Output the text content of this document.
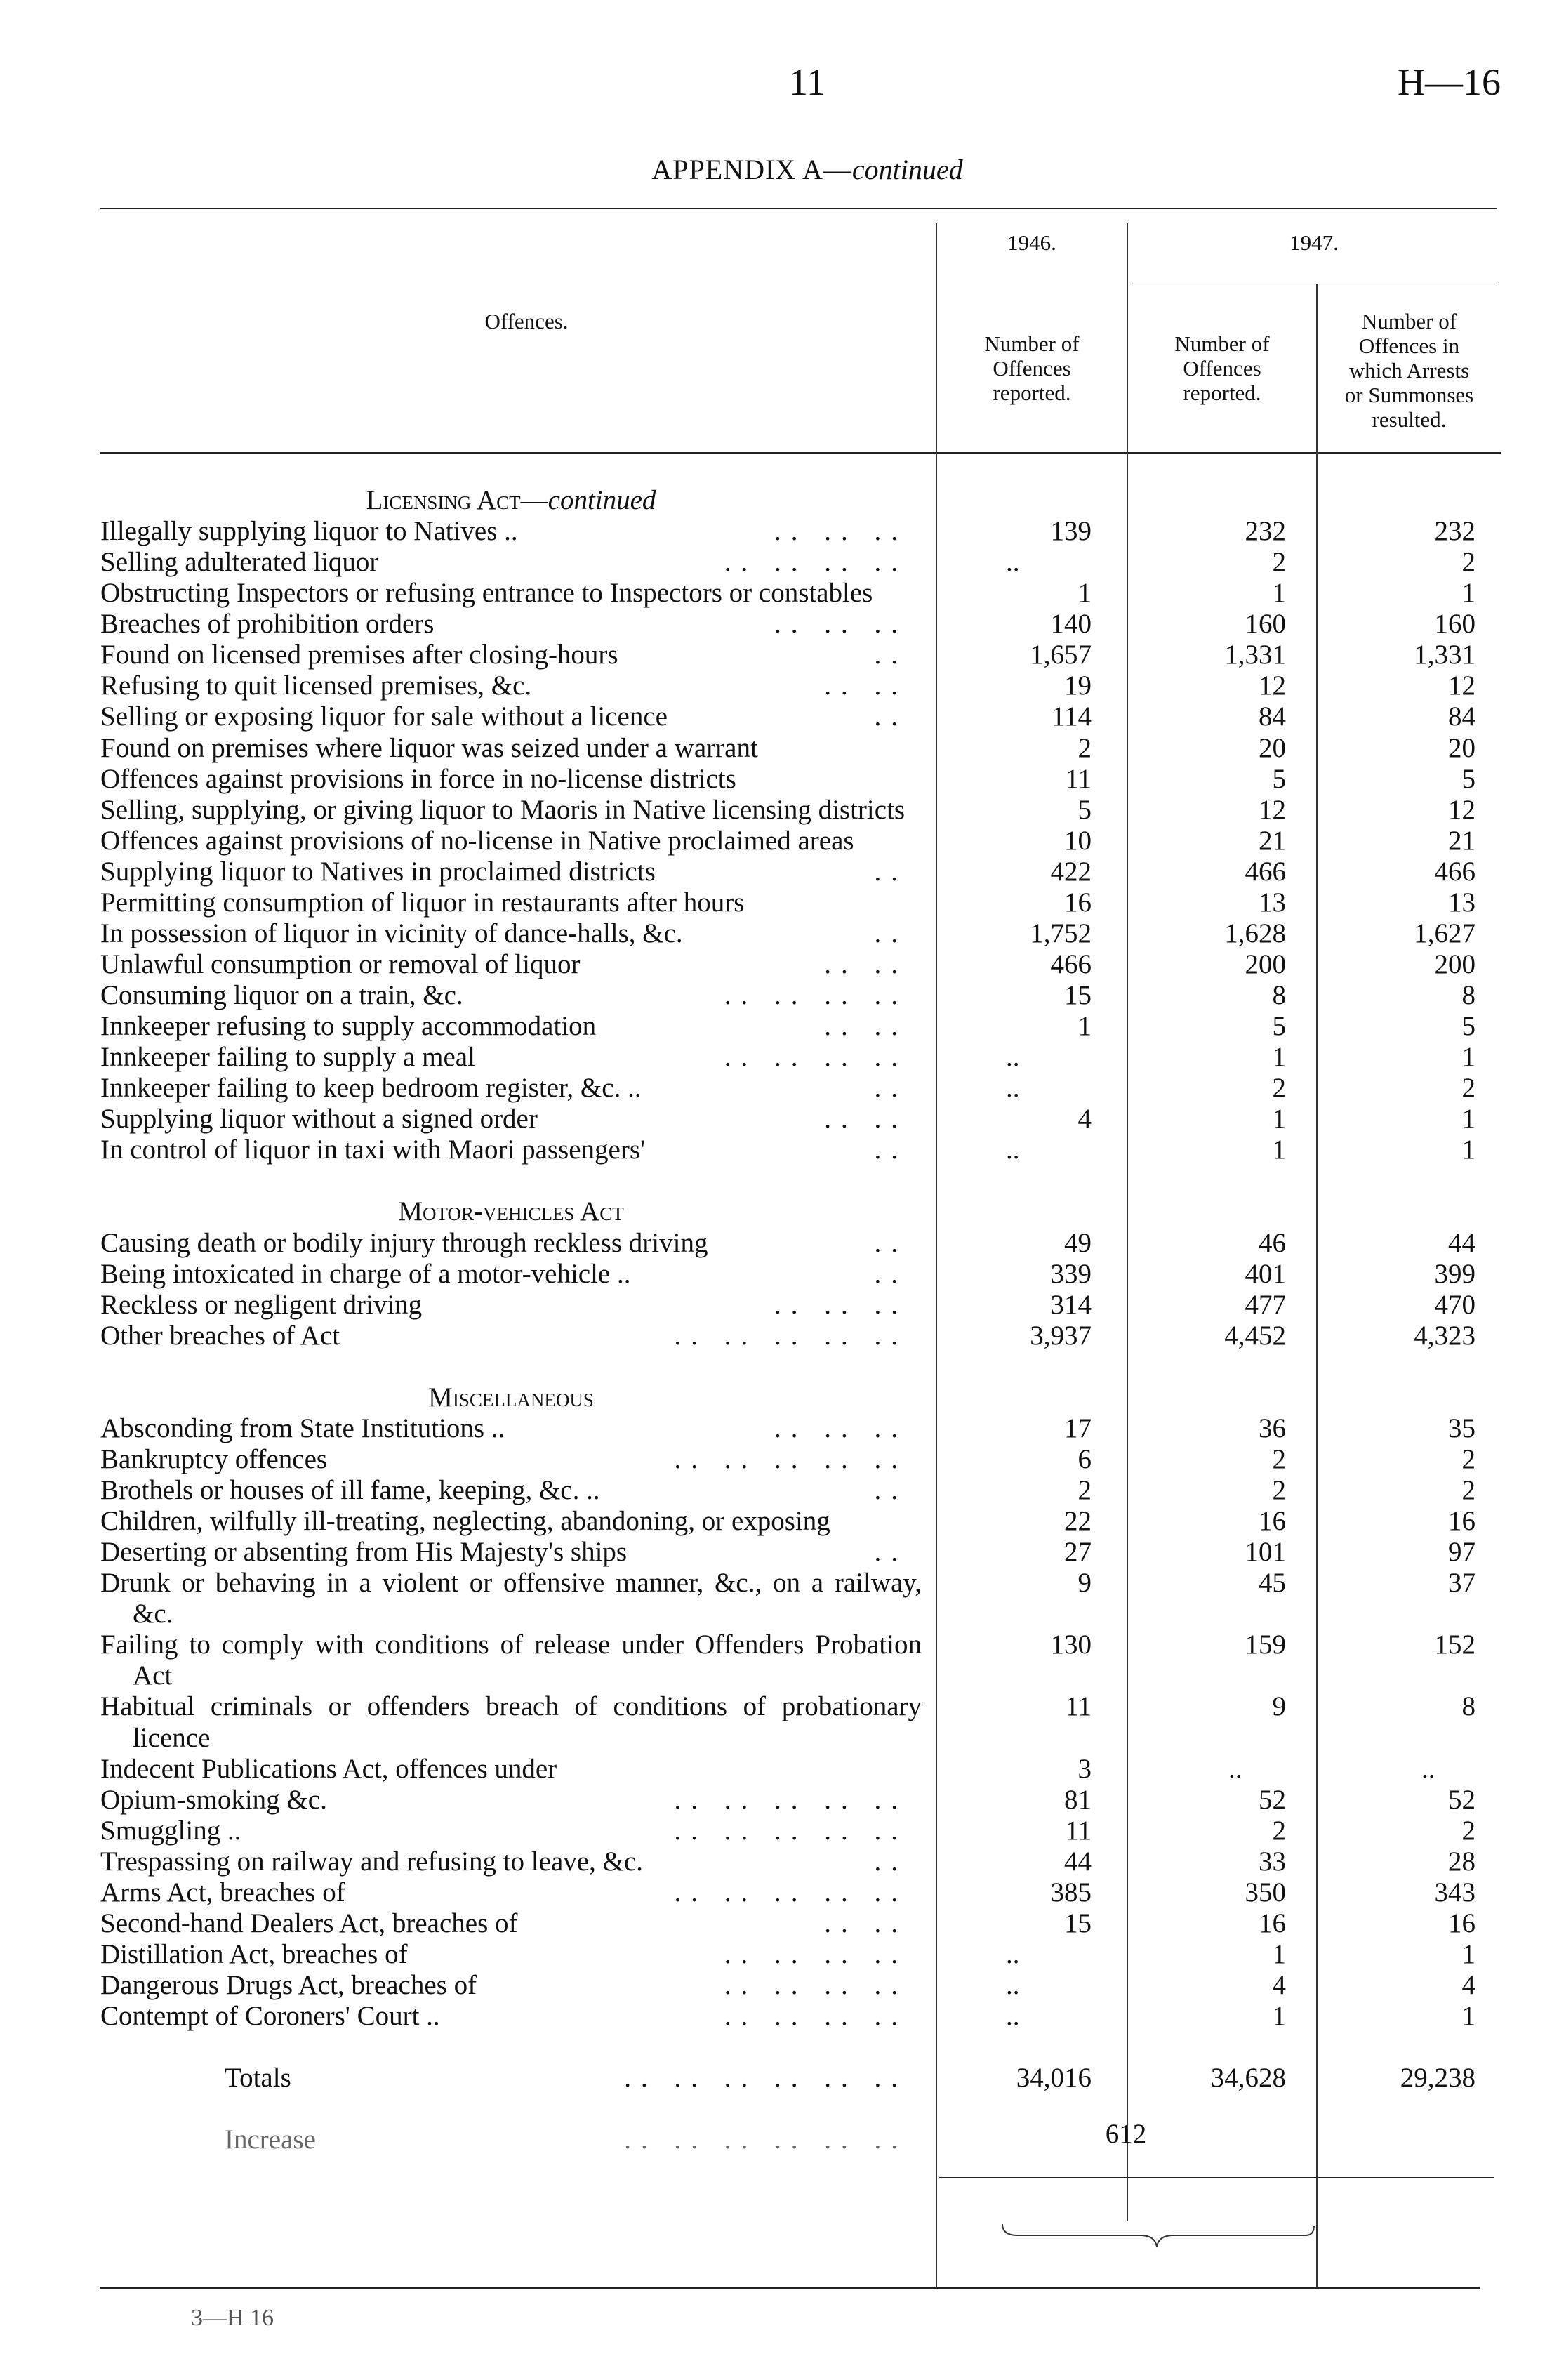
11	H—16
APPENDIX A—continued
Offences.
1946.	1947.
Number of
Offences
reported.
Number of
Offences
reported.
Number of
Offences in
which Arrests
or Summonses
resulted.
Licensing Act—continued
Illegally supplying liquor to Natives ..	.. .. ..	139	232	232
Selling adulterated liquor	.. .. .. ..	..	2	2
Obstructing Inspectors or refusing entrance to Inspectors or constables	1	1	1
Breaches of prohibition orders	.. .. ..	140	160	160
Found on licensed premises after closing-hours	..	1,657	1,331	1,331
Refusing to quit licensed premises, &c.	.. ..	19	12	12
Selling or exposing liquor for sale without a licence	..	114	84	84
Found on premises where liquor was seized under a warrant	2	20	20
Offences against provisions in force in no-license districts	11	5	5
Selling, supplying, or giving liquor to Maoris in Native licensing districts	5	12	12
Offences against provisions of no-license in Native proclaimed areas	10	21	21
Supplying liquor to Natives in proclaimed districts	..	422	466	466
Permitting consumption of liquor in restaurants after hours	16	13	13
In possession of liquor in vicinity of dance-halls, &c.	..	1,752	1,628	1,627
Unlawful consumption or removal of liquor	.. ..	466	200	200
Consuming liquor on a train, &c.	.. .. .. ..	15	8	8
Innkeeper refusing to supply accommodation	.. ..	1	5	5
Innkeeper failing to supply a meal	.. .. .. ..	..	1	1
Innkeeper failing to keep bedroom register, &c. ..	..	..	2	2
Supplying liquor without a signed order	.. ..	4	1	1
In control of liquor in taxi with Maori passengers'	..	..	1	1
Motor-vehicles Act
Causing death or bodily injury through reckless driving	..	49	46	44
Being intoxicated in charge of a motor-vehicle ..	..	339	401	399
Reckless or negligent driving	.. .. ..	314	477	470
Other breaches of Act	.. .. .. .. ..	3,937	4,452	4,323
Miscellaneous
Absconding from State Institutions ..	.. .. ..	17	36	35
Bankruptcy offences	.. .. .. .. ..	6	2	2
Brothels or houses of ill fame, keeping, &c. ..	..	2	2	2
Children, wilfully ill-treating, neglecting, abandoning, or exposing	22	16	16
Deserting or absenting from His Majesty's ships	..	27	101	97
Drunk or behaving in a violent or offensive manner, &c., on a railway, &c.
9	45	37
Failing to comply with conditions of release under Offenders Probation Act
130	159	152
Habitual criminals or offenders breach of conditions of probationary licence
11	9	8
Indecent Publications Act, offences under	3	..	..
Opium-smoking &c.	.. .. .. .. ..	81	52	52
Smuggling ..	.. .. .. .. ..	11	2	2
Trespassing on railway and refusing to leave, &c.	..	44	33	28
Arms Act, breaches of	.. .. .. .. ..	385	350	343
Second-hand Dealers Act, breaches of	.. ..	15	16	16
Distillation Act, breaches of	.. .. .. ..	..	1	1
Dangerous Drugs Act, breaches of	.. .. .. ..	..	4	4
Contempt of Coroners' Court ..	.. .. .. ..	..	1	1
Totals	.. .. .. .. .. ..	34,016	34,628	29,238
Increase	.. .. .. .. .. ..	612
3—H 16
